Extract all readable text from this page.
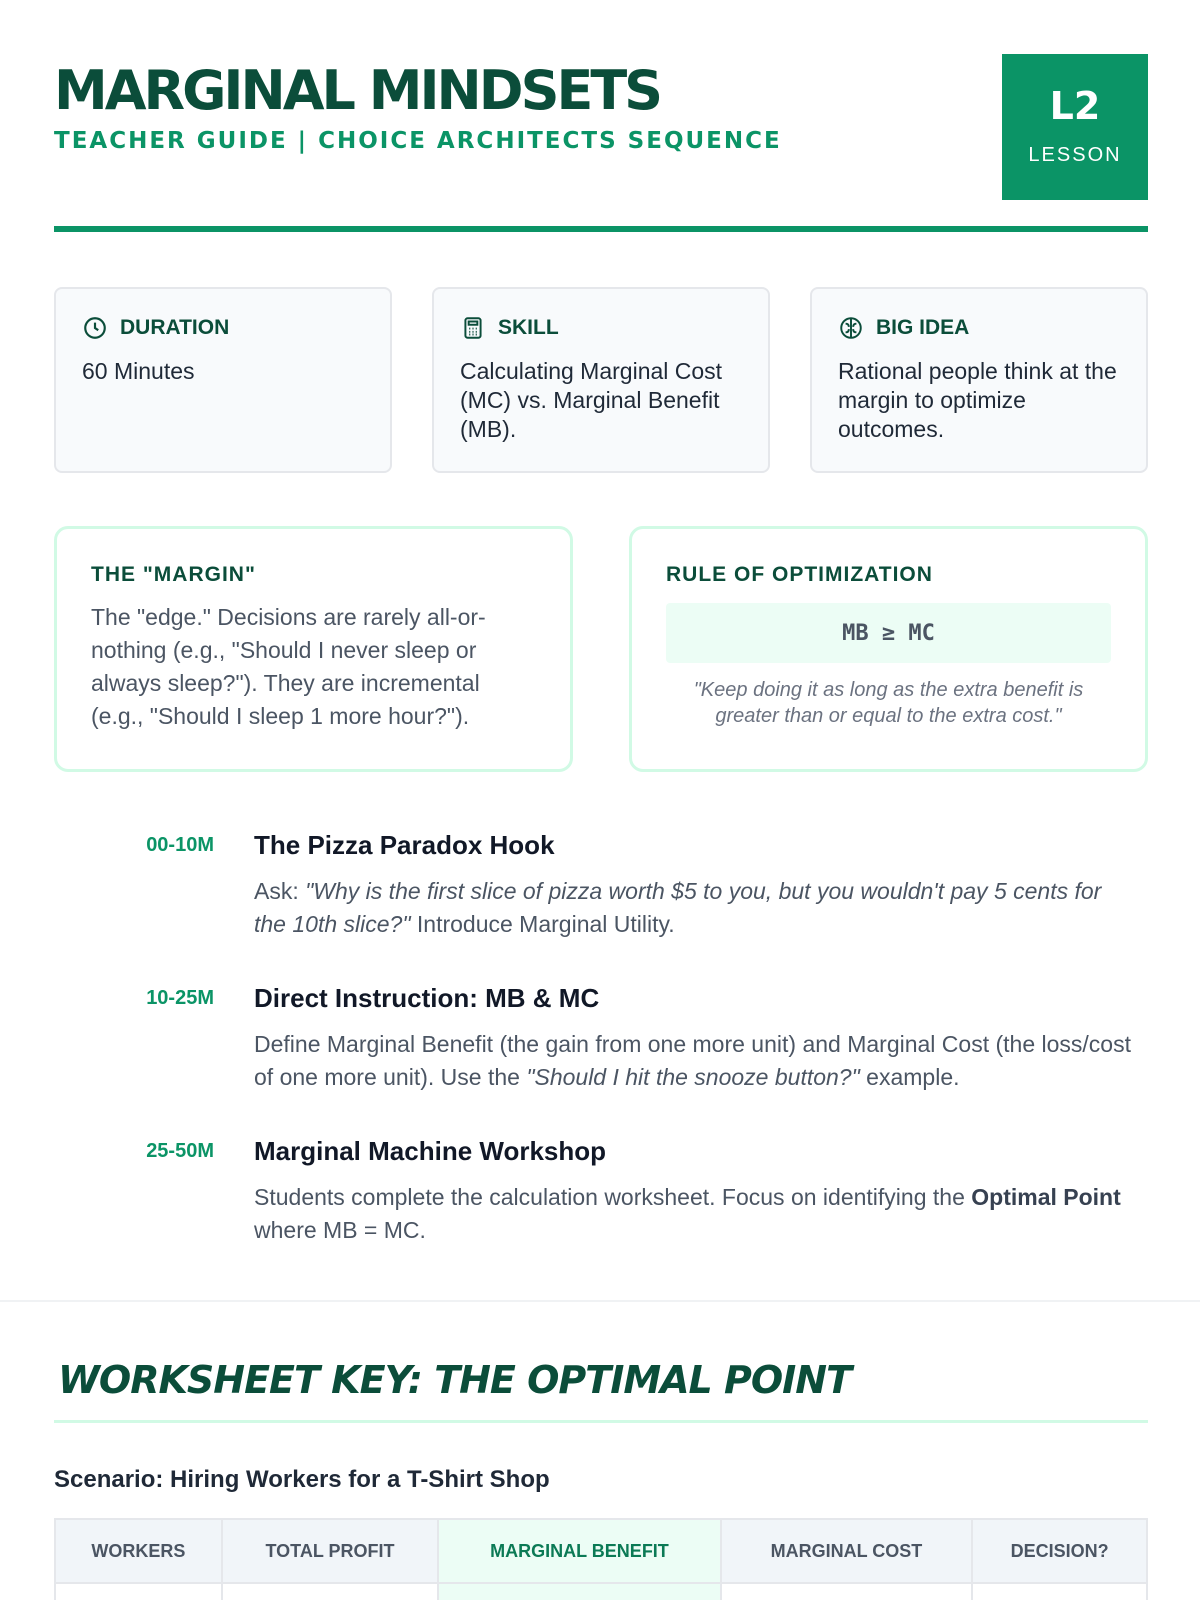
MARGINAL MINDSETS
TEACHER GUIDE | CHOICE ARCHITECTS SEQUENCE
L2
LESSON
DURATION
60 Minutes
SKILL
Calculating Marginal Cost (MC) vs. Marginal Benefit (MB).
BIG IDEA
Rational people think at the margin to optimize outcomes.
THE "MARGIN"
The "edge." Decisions are rarely all-or-nothing (e.g., "Should I never sleep or always sleep?"). They are incremental (e.g., "Should I sleep 1 more hour?").
RULE OF OPTIMIZATION
MB ≥ MC
"Keep doing it as long as the extra benefit is greater than or equal to the extra cost."
00-10M The Pizza Paradox Hook
Ask: "Why is the first slice of pizza worth $5 to you, but you wouldn't pay 5 cents for the 10th slice?" Introduce Marginal Utility.
10-25M Direct Instruction: MB & MC
Define Marginal Benefit (the gain from one more unit) and Marginal Cost (the loss/cost of one more unit). Use the "Should I hit the snooze button?" example.
25-50M Marginal Machine Workshop
Students complete the calculation worksheet. Focus on identifying the Optimal Point where MB = MC.
WORKSHEET KEY: THE OPTIMAL POINT
Scenario: Hiring Workers for a T-Shirt Shop
WORKERS	TOTAL PROFIT	MARGINAL BENEFIT	MARGINAL COST	DECISION?
